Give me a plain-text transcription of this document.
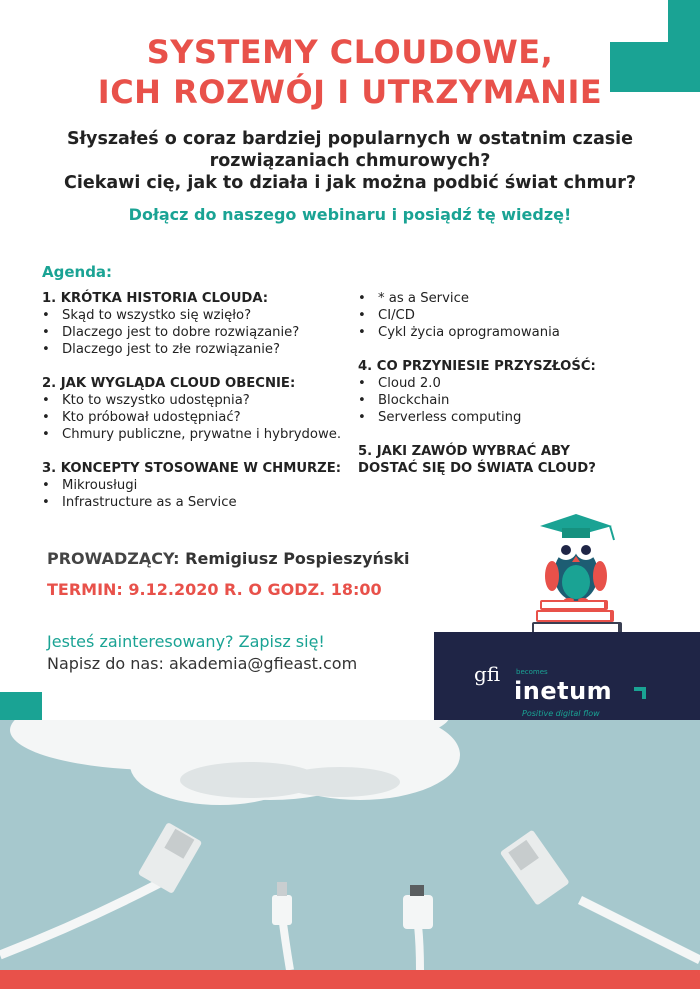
SYSTEMY CLOUDOWE,
ICH ROZWÓJ I UTRZYMANIE
Słyszałeś o coraz bardziej popularnych w ostatnim czasie
rozwiązaniach chmurowych?
Ciekawi cię, jak to działa i jak można podbić świat chmur?
Dołącz do naszego webinaru i posiądź tę wiedzę!
Agenda:

1. KRÓTKA HISTORIA CLOUDA:

• Skąd to wszystko się wzięło?
• Dlaczego jest to dobre rozwiązanie?
• Dlaczego jest to złe rozwiązanie?

2. JAK WYGLĄDA CLOUD OBECNIE:

• Kto to wszystko udostępnia?
• Kto próbował udostępniać?
• Chmury publiczne, prywatne i hybrydowe.

3. KONCEPTY STOSOWANE W CHMURZE:

• Mikrousługi
• Infrastructure as a Service
• * as a Service
• CI/CD
• Cykl życia oprogramowania

4. CO PRZYNIESIE PRZYSZŁOŚĆ:

• Cloud 2.0
• Blockchain
• Serverless computing

5. JAKI ZAWÓD WYBRAĆ ABY

DOSTAĆ SIĘ DO ŚWIATA CLOUD?

PROWADZĄCY: Remigiusz Pospieszyński
TERMIN: 9.12.2020 R. O GODZ. 18:00
Jesteś zainteresowany? Zapisz się!
Napisz do nas: akademia@gfieast.com	gfi becomes
inetum
Positive digital flow
